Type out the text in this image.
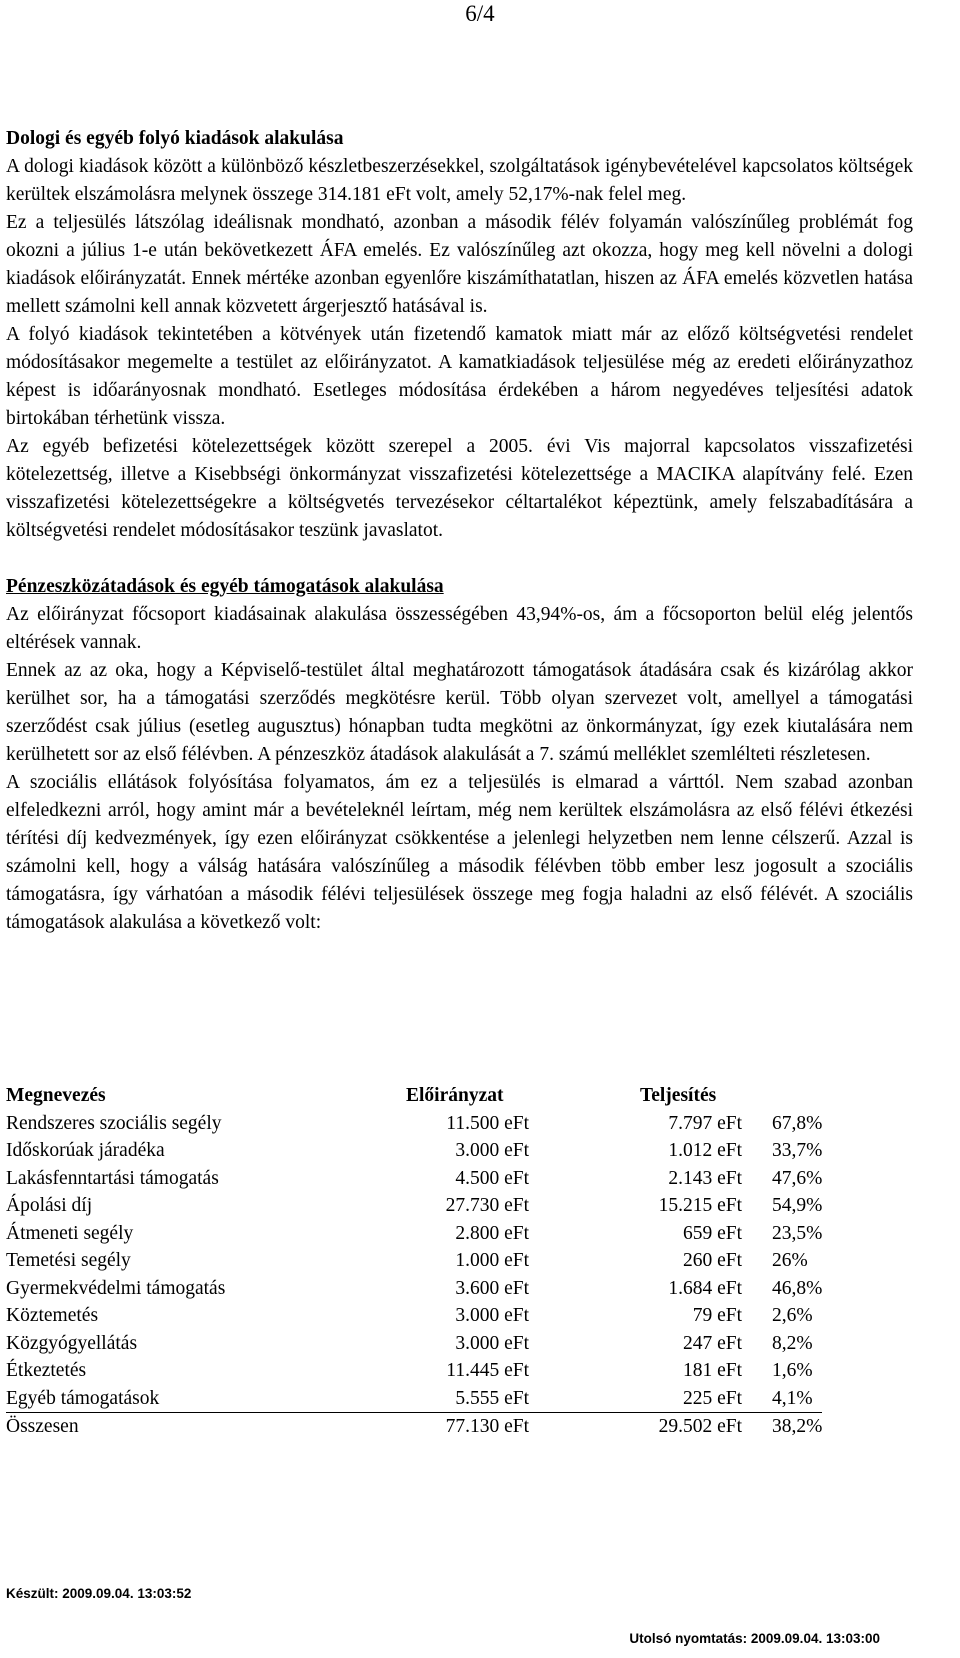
6/4

Dologi és egyéb folyó kiadások alakulása

A dologi kiadások között a különböző készletbeszerzésekkel, szolgáltatások igénybevételével kapcsolatos költségek kerültek elszámolásra melynek összege 314.181 eFt volt, amely 52,17%-nak felel meg.

Ez a teljesülés látszólag ideálisnak mondható, azonban a második félév folyamán valószínűleg problémát fog okozni a július 1-e után bekövetkezett ÁFA emelés. Ez valószínűleg azt okozza, hogy meg kell növelni a dologi kiadások előirányzatát. Ennek mértéke azonban egyenlőre kiszámíthatatlan, hiszen az ÁFA emelés közvetlen hatása mellett számolni kell annak közvetett árgerjesztő hatásával is.

A folyó kiadások tekintetében a kötvények után fizetendő kamatok miatt már az előző költségvetési rendelet módosításakor megemelte a testület az előirányzatot. A kamatkiadások teljesülése még az eredeti előirányzathoz képest is időarányosnak mondható. Esetleges módosítása érdekében a három negyedéves teljesítési adatok birtokában térhetünk vissza.

Az egyéb befizetési kötelezettségek között szerepel a 2005. évi Vis majorral kapcsolatos visszafizetési kötelezettség, illetve a Kisebbségi önkormányzat visszafizetési kötelezettsége a MACIKA alapítvány felé. Ezen visszafizetési kötelezettségekre a költségvetés tervezésekor céltartalékot képeztünk, amely felszabadítására a költségvetési rendelet módosításakor teszünk javaslatot.

Pénzeszközátadások és egyéb támogatások alakulása

Az előirányzat főcsoport kiadásainak alakulása összességében 43,94%-os, ám a főcsoporton belül elég jelentős eltérések vannak.

Ennek az az oka, hogy a Képviselő-testület által meghatározott támogatások átadására csak és kizárólag akkor kerülhet sor, ha a támogatási szerződés megkötésre kerül. Több olyan szervezet volt, amellyel a támogatási szerződést csak július (esetleg augusztus) hónapban tudta megkötni az önkormányzat, így ezek kiutalására nem kerülhetett sor az első félévben. A pénzeszköz átadások alakulását a 7. számú melléklet szemlélteti részletesen.

A szociális ellátások folyósítása folyamatos, ám ez a teljesülés is elmarad a várttól. Nem szabad azonban elfeledkezni arról, hogy amint már a bevételeknél leírtam, még nem kerültek elszámolásra az első félévi étkezési térítési díj kedvezmények, így ezen előirányzat csökkentése a jelenlegi helyzetben nem lenne célszerű. Azzal is számolni kell, hogy a válság hatására valószínűleg a második félévben több ember lesz jogosult a szociális támogatásra, így várhatóan a második félévi teljesülések összege meg fogja haladni az első félévét. A szociális támogatások alakulása a következő volt:

Megnevezés	Előirányzat	Teljesítés	
Rendszeres szociális segély	11.500 eFt	7.797 eFt	67,8%
Időskorúak járadéka	3.000 eFt	1.012 eFt	33,7%
Lakásfenntartási támogatás	4.500 eFt	2.143 eFt	47,6%
Ápolási díj	27.730 eFt	15.215 eFt	54,9%
Átmeneti segély	2.800 eFt	659 eFt	23,5%
Temetési segély	1.000 eFt	260 eFt	26%
Gyermekvédelmi támogatás	3.600 eFt	1.684 eFt	46,8%
Köztemetés	3.000 eFt	79 eFt	2,6%
Közgyógyellátás	3.000 eFt	247 eFt	8,2%
Étkeztetés	11.445 eFt	181 eFt	1,6%
Egyéb támogatások	5.555 eFt	225 eFt	4,1%
Összesen	77.130 eFt	29.502 eFt	38,2%
Készült: 2009.09.04. 13:03:52
Utolsó nyomtatás: 2009.09.04. 13:03:00
